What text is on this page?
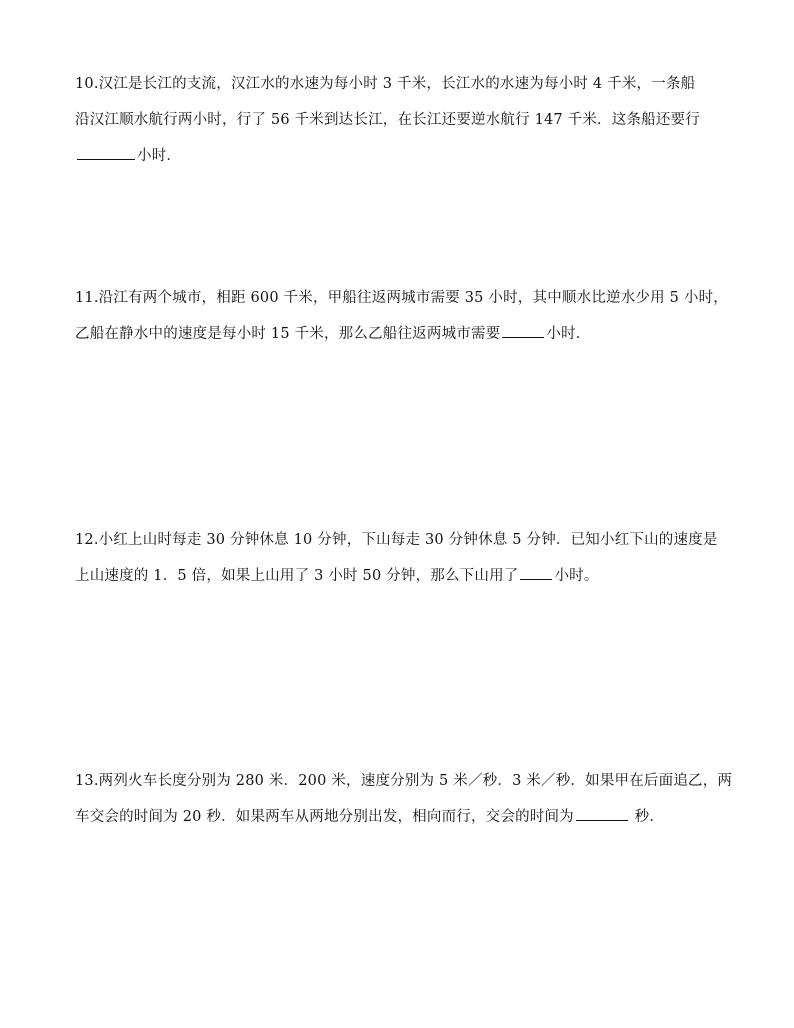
10.汉江是长江的支流，汉江水的水速为每小时 3 千米，长江水的水速为每小时 4 千米，一条船
沿汉江顺水航行两小时，行了 56 千米到达长江，在长江还要逆水航行 147 千米．这条船还要行
小时．
11.沿江有两个城市，相距 600 千米，甲船往返两城市需要 35 小时，其中顺水比逆水少用 5 小时，
乙船在静水中的速度是每小时 15 千米，那么乙船往返两城市需要	小时．
12.小红上山时每走 30 分钟休息 10 分钟，下山每走 30 分钟休息 5 分钟．已知小红下山的速度是
上山速度的 1．5 倍，如果上山用了 3 小时 50 分钟，那么下山用了 小时。
13.两列火车长度分别为 280 米．200 米，速度分别为 5 米／秒．3 米／秒．如果甲在后面追乙，两
车交会的时间为 20 秒．如果两车从两地分别出发，相向而行，交会的时间为	秒．
